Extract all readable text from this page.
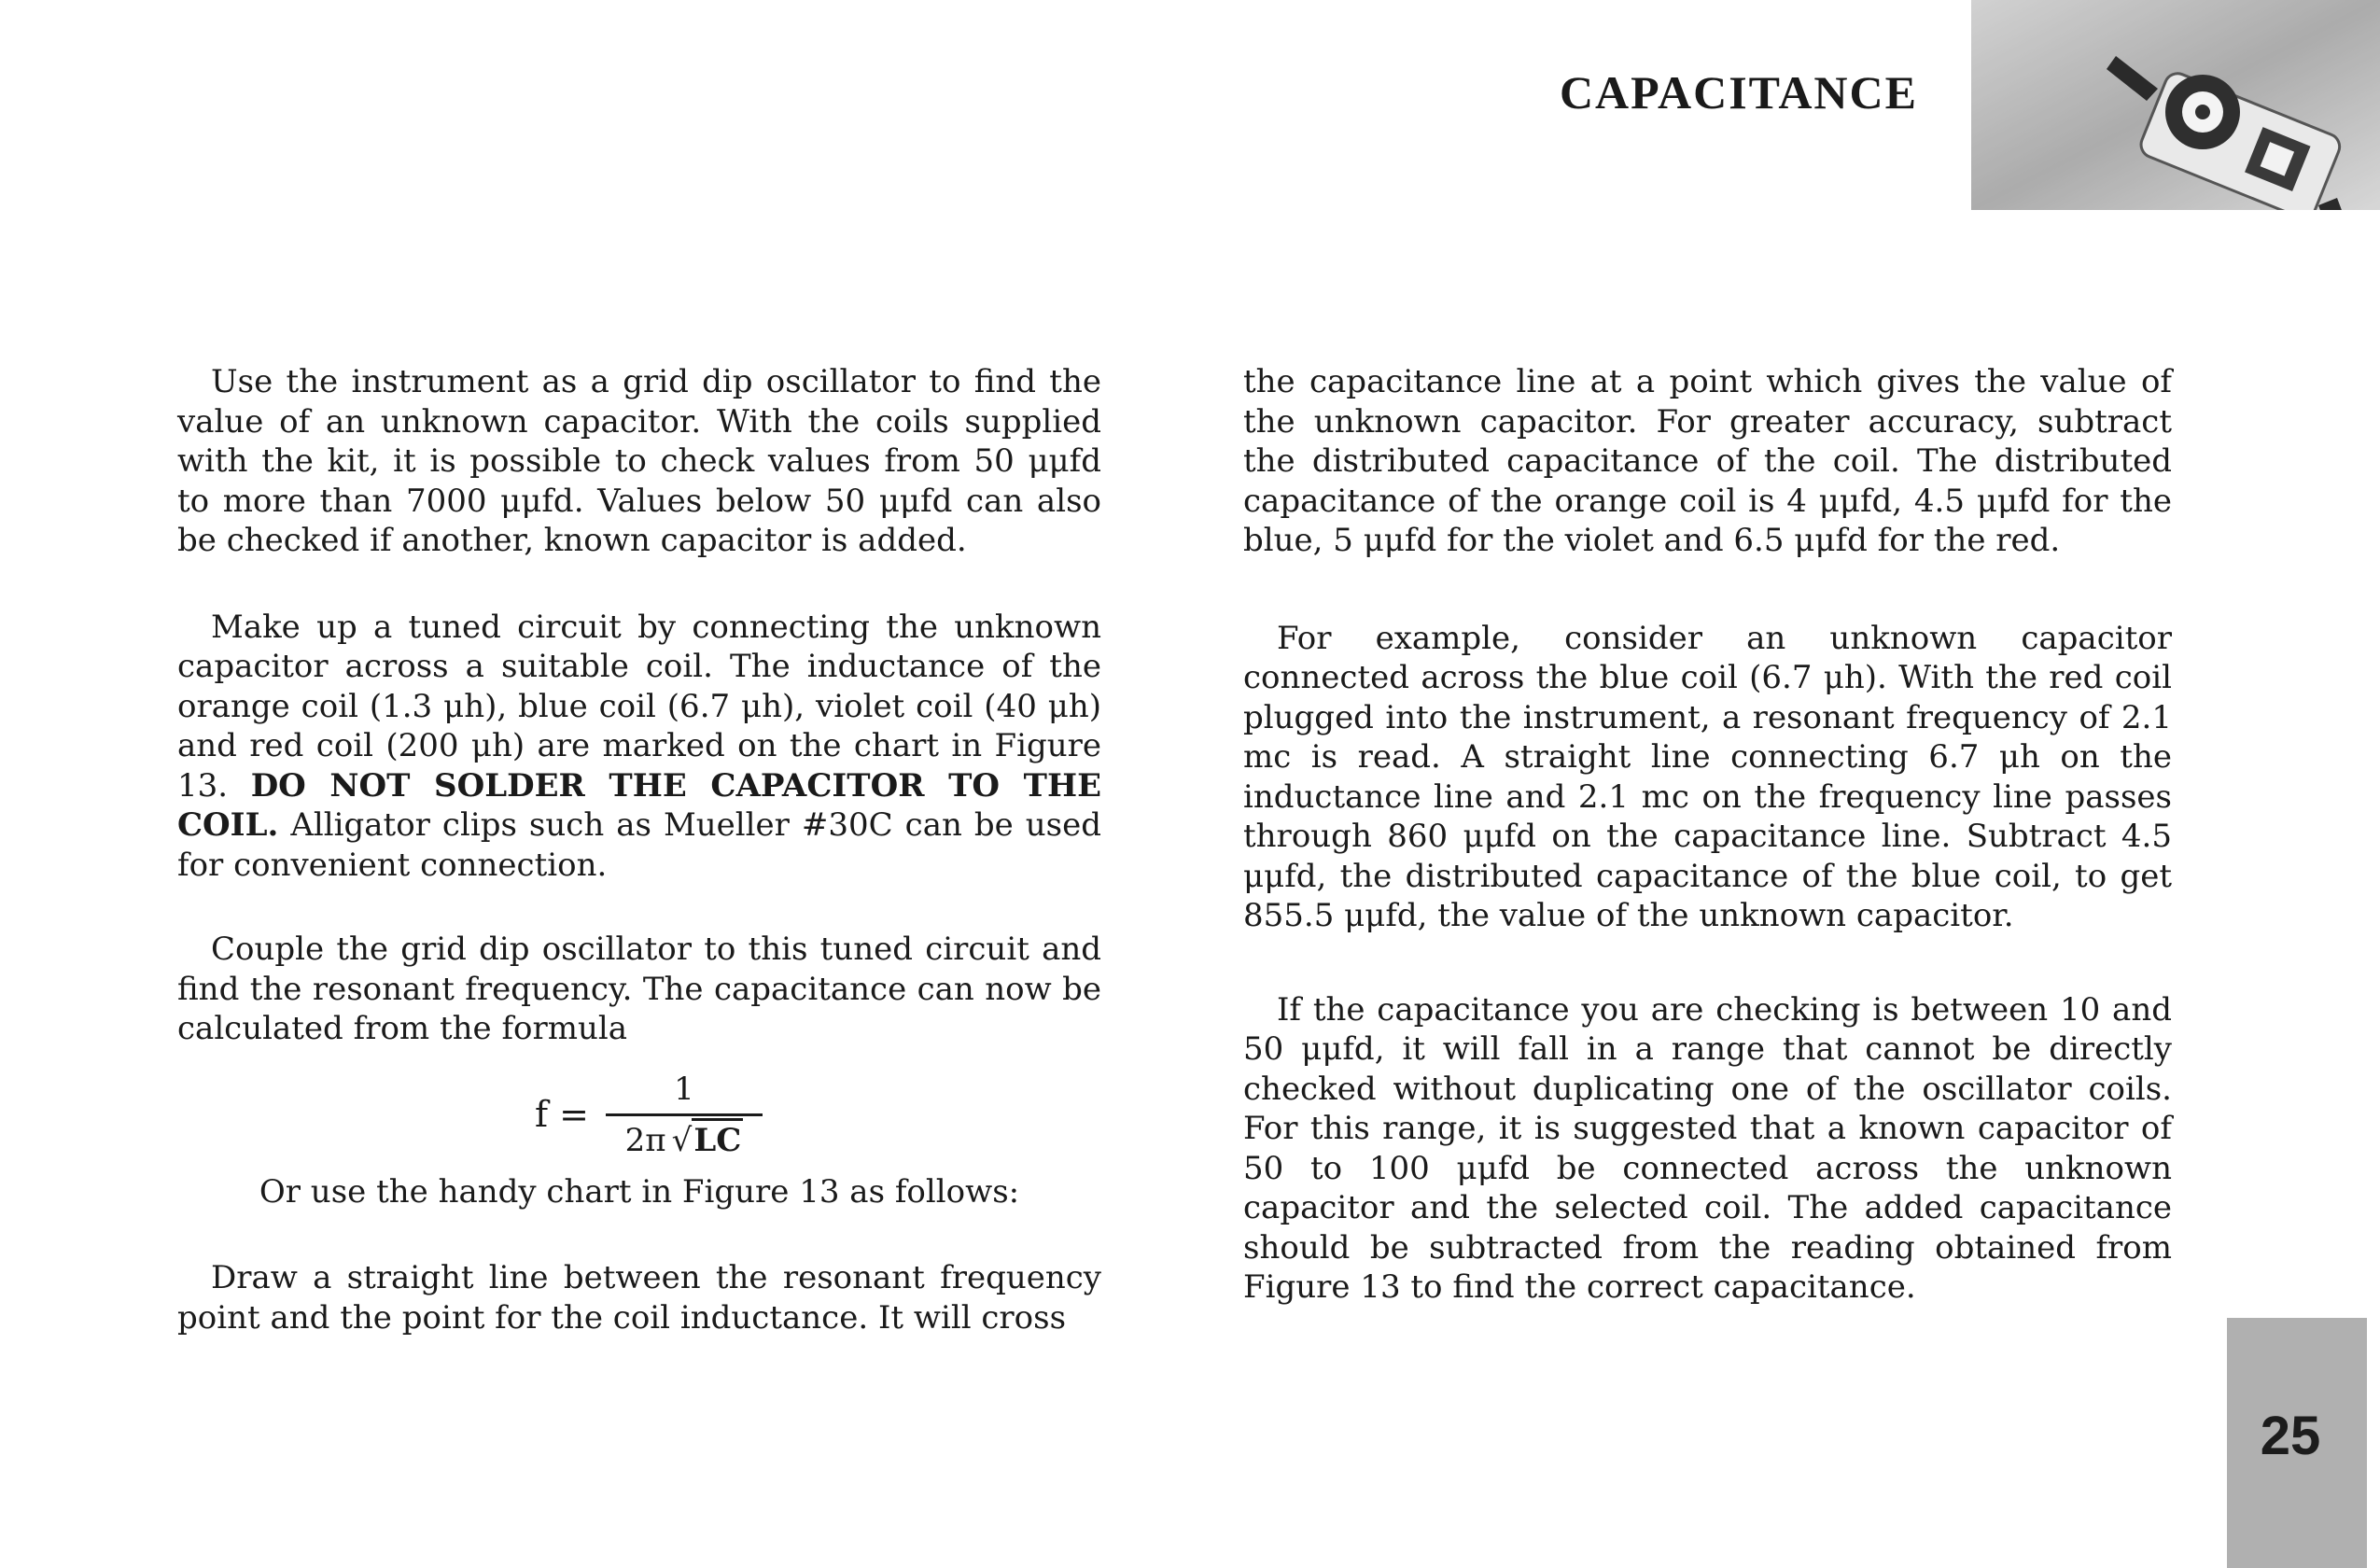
CAPACITANCE

Use the instrument as a grid dip oscillator to find the value of an unknown capacitor. With the coils supplied with the kit, it is possible to check values from 50 μμfd to more than 7000 μμfd. Values below 50 μμfd can also be checked if another, known capacitor is added.

Make up a tuned circuit by connecting the unknown capacitor across a suitable coil. The inductance of the orange coil (1.3 μh), blue coil (6.7 μh), violet coil (40 μh) and red coil (200 μh) are marked on the chart in Figure 13. DO NOT SOLDER THE CAPACITOR TO THE COIL. Alligator clips such as Mueller #30C can be used for convenient connection.

Couple the grid dip oscillator to this tuned circuit and find the resonant frequency. The capacitance can now be calculated from the formula

$f = \frac{1}{2\pi √ LC}$

Or use the handy chart in Figure 13 as follows:

Draw a straight line between the resonant frequency point and the point for the coil inductance. It will cross

the capacitance line at a point which gives the value of the unknown capacitor. For greater accuracy, subtract the distributed capacitance of the coil. The distributed capacitance of the orange coil is 4 μμfd, 4.5 μμfd for the blue, 5 μμfd for the violet and 6.5 μμfd for the red.

For example, consider an unknown capacitor connected across the blue coil (6.7 μh). With the red coil plugged into the instrument, a resonant frequency of 2.1 mc is read. A straight line connecting 6.7 μh on the inductance line and 2.1 mc on the frequency line passes through 860 μμfd on the capacitance line. Subtract 4.5 μμfd, the distributed capacitance of the blue coil, to get 855.5 μμfd, the value of the unknown capacitor.

If the capacitance you are checking is between 10 and 50 μμfd, it will fall in a range that cannot be directly checked without duplicating one of the oscillator coils. For this range, it is suggested that a known capacitor of 50 to 100 μμfd be connected across the unknown capacitor and the selected coil. The added capacitance should be subtracted from the reading obtained from Figure 13 to find the correct capacitance.

25
